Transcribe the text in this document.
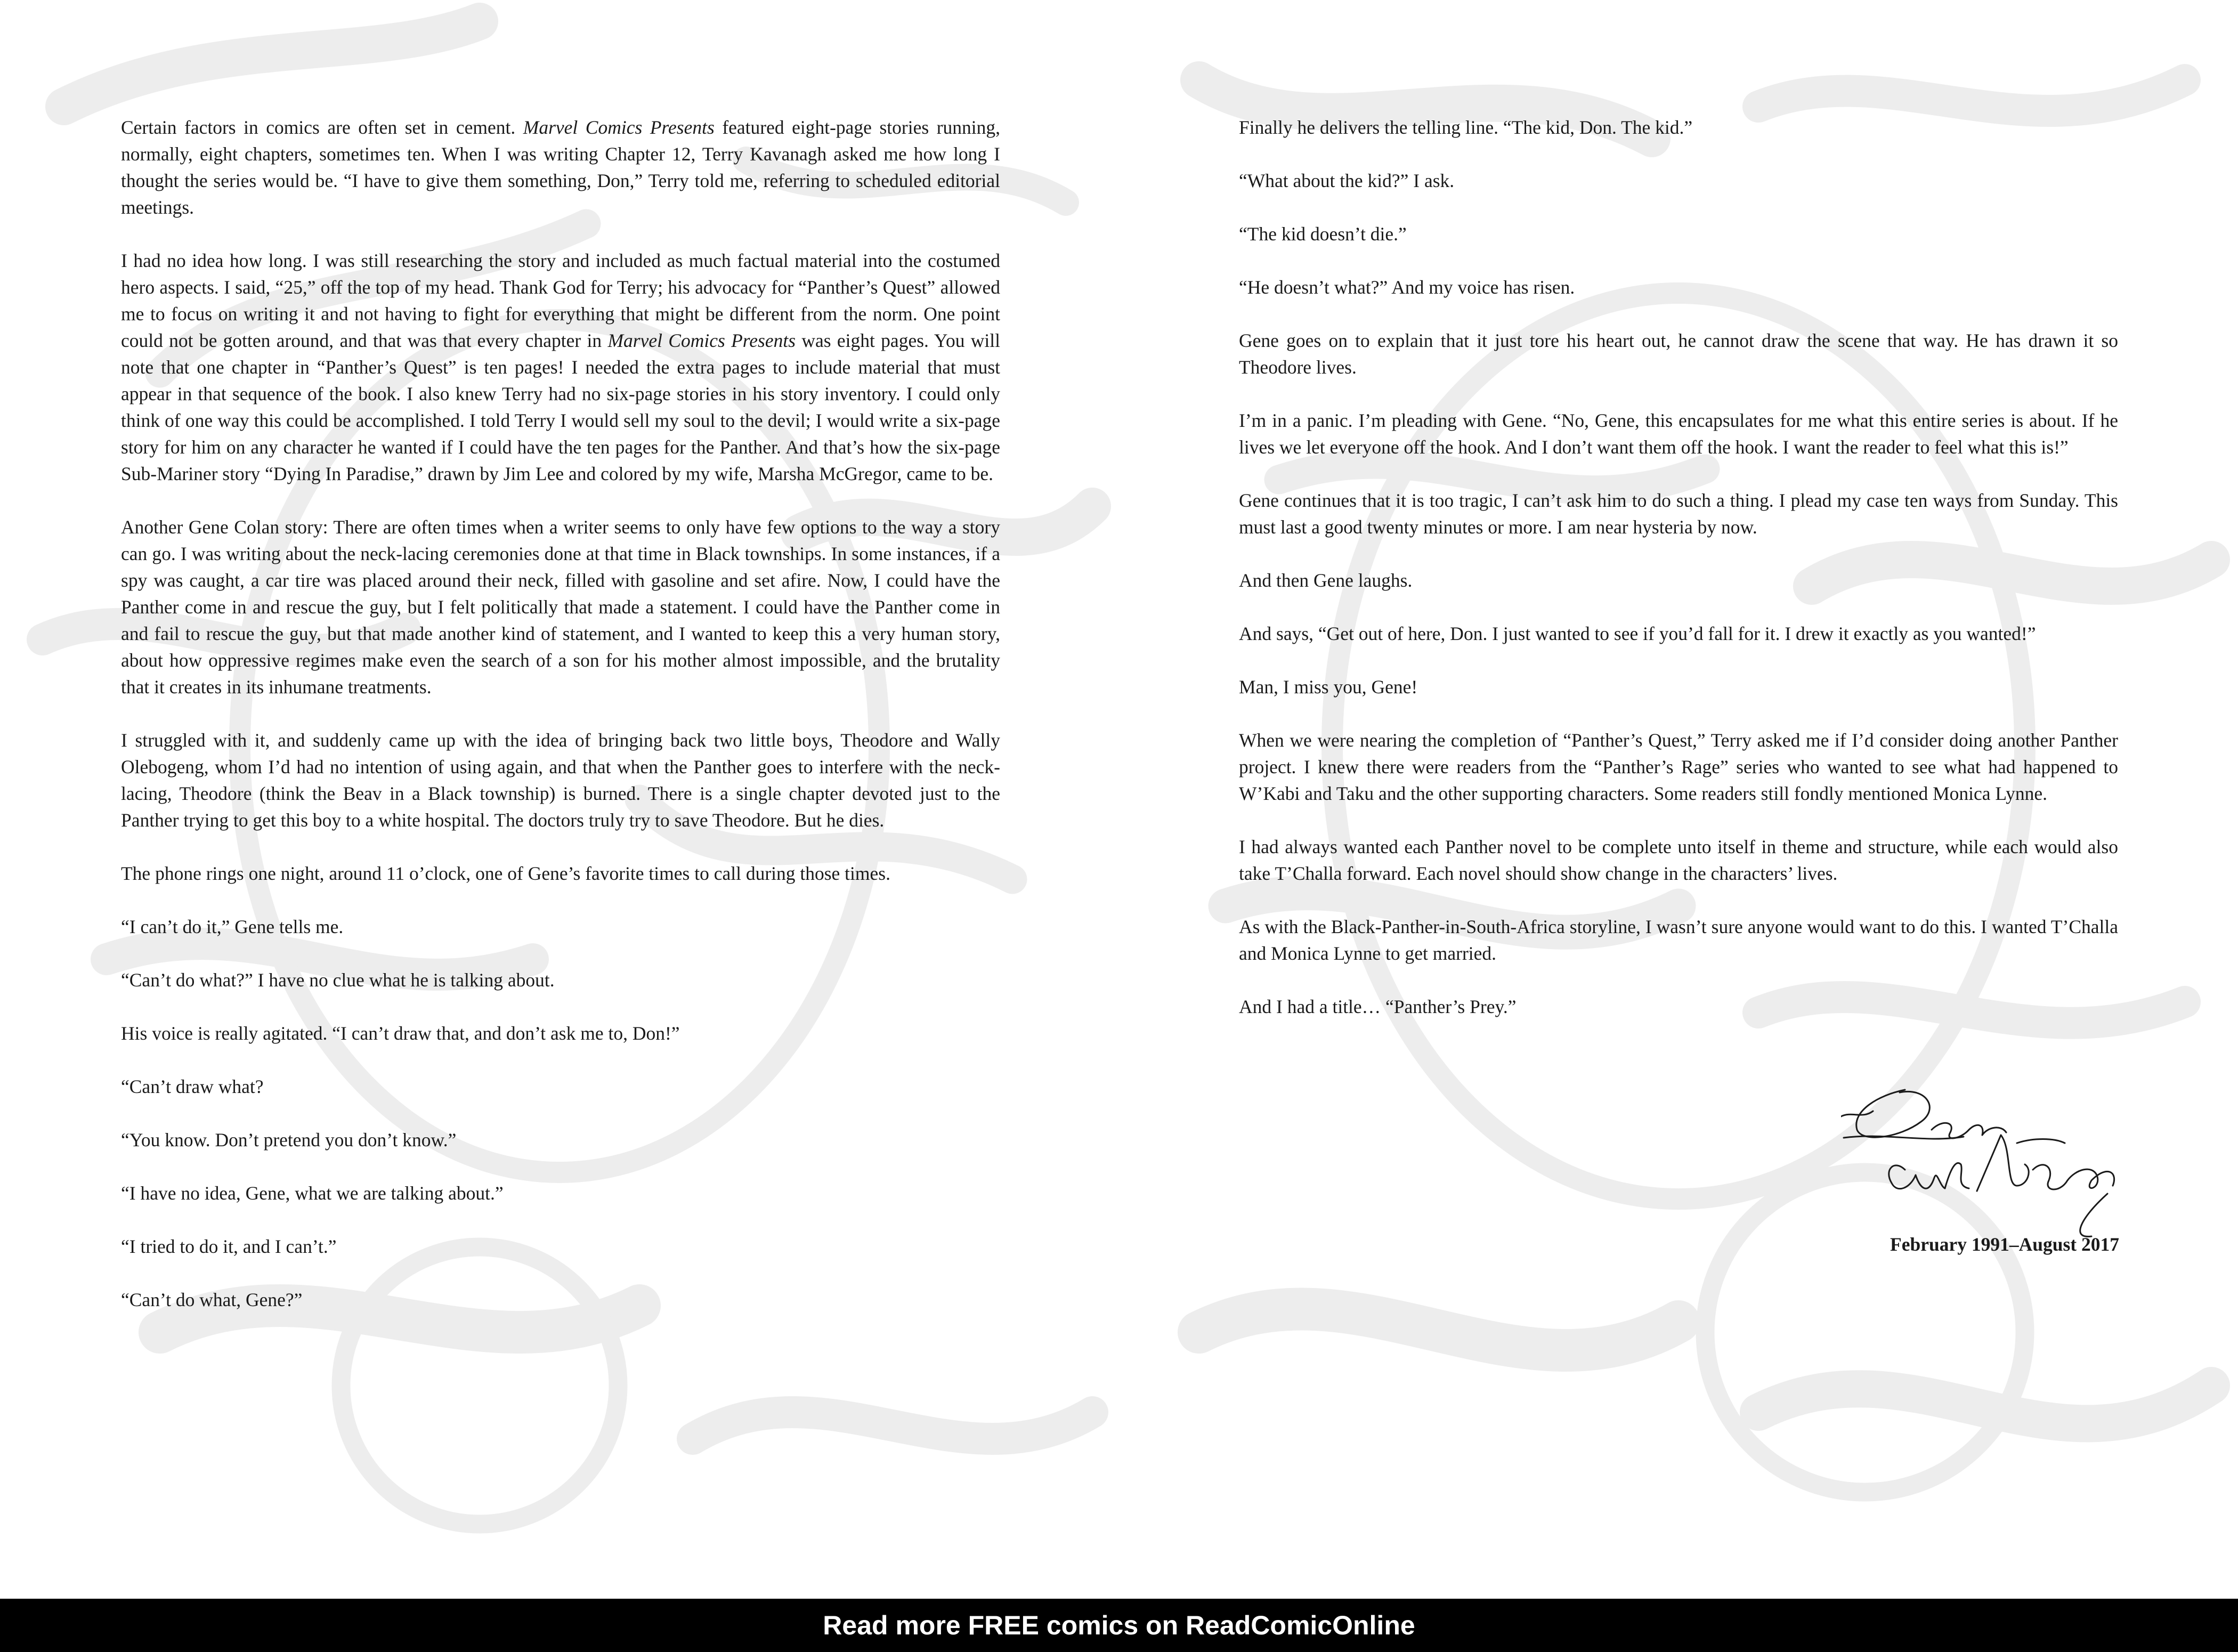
Certain factors in comics are often set in cement. Marvel Comics Presents featured eight-page stories running, normally, eight chapters, sometimes ten. When I was writing Chapter 12, Terry Kavanagh asked me how long I thought the series would be. “I have to give them something, Don,” Terry told me, referring to scheduled editorial meetings.

I had no idea how long. I was still researching the story and included as much factual material into the costumed hero aspects. I said, “25,” off the top of my head. Thank God for Terry; his advocacy for “Panther’s Quest” allowed me to focus on writing it and not having to fight for everything that might be different from the norm. One point could not be gotten around, and that was that every chapter in Marvel Comics Presents was eight pages. You will note that one chapter in “Panther’s Quest” is ten pages! I needed the extra pages to include material that must appear in that sequence of the book. I also knew Terry had no six-page stories in his story inventory. I could only think of one way this could be accomplished. I told Terry I would sell my soul to the devil; I would write a six-page story for him on any character he wanted if I could have the ten pages for the Panther. And that’s how the six-page Sub-Mariner story “Dying In Paradise,” drawn by Jim Lee and colored by my wife, Marsha McGregor, came to be.

Another Gene Colan story: There are often times when a writer seems to only have few options to the way a story can go. I was writing about the neck-lacing ceremonies done at that time in Black townships. In some instances, if a spy was caught, a car tire was placed around their neck, filled with gasoline and set afire. Now, I could have the Panther come in and rescue the guy, but I felt politically that made a statement. I could have the Panther come in and fail to rescue the guy, but that made another kind of statement, and I wanted to keep this a very human story, about how oppressive regimes make even the search of a son for his mother almost impossible, and the brutality that it creates in its inhumane treatments.

I struggled with it, and suddenly came up with the idea of bringing back two little boys, Theodore and Wally Olebogeng, whom I’d had no intention of using again, and that when the Panther goes to interfere with the neck-lacing, Theodore (think the Beav in a Black township) is burned. There is a single chapter devoted just to the Panther trying to get this boy to a white hospital. The doctors truly try to save Theodore. But he dies.

The phone rings one night, around 11 o’clock, one of Gene’s favorite times to call during those times.

“I can’t do it,” Gene tells me.

“Can’t do what?” I have no clue what he is talking about.

His voice is really agitated. “I can’t draw that, and don’t ask me to, Don!”

“Can’t draw what?

“You know. Don’t pretend you don’t know.”

“I have no idea, Gene, what we are talking about.”

“I tried to do it, and I can’t.”

“Can’t do what, Gene?”

Finally he delivers the telling line. “The kid, Don. The kid.”

“What about the kid?” I ask.

“The kid doesn’t die.”

“He doesn’t what?” And my voice has risen.

Gene goes on to explain that it just tore his heart out, he cannot draw the scene that way. He has drawn it so Theodore lives.

I’m in a panic. I’m pleading with Gene. “No, Gene, this encapsulates for me what this entire series is about. If he lives we let everyone off the hook. And I don’t want them off the hook. I want the reader to feel what this is!”

Gene continues that it is too tragic, I can’t ask him to do such a thing. I plead my case ten ways from Sunday. This must last a good twenty minutes or more. I am near hysteria by now.

And then Gene laughs.

And says, “Get out of here, Don. I just wanted to see if you’d fall for it. I drew it exactly as you wanted!”

Man, I miss you, Gene!

When we were nearing the completion of “Panther’s Quest,” Terry asked me if I’d consider doing another Panther project. I knew there were readers from the “Panther’s Rage” series who wanted to see what had happened to W’Kabi and Taku and the other supporting characters. Some readers still fondly mentioned Monica Lynne.

I had always wanted each Panther novel to be complete unto itself in theme and structure, while each would also take T’Challa forward. Each novel should show change in the characters’ lives.

As with the Black-Panther-in-South-Africa storyline, I wasn’t sure anyone would want to do this. I wanted T’Challa and Monica Lynne to get married.

And I had a title… “Panther’s Prey.”

February 1991–August 2017
Read more FREE comics on ReadComicOnline
